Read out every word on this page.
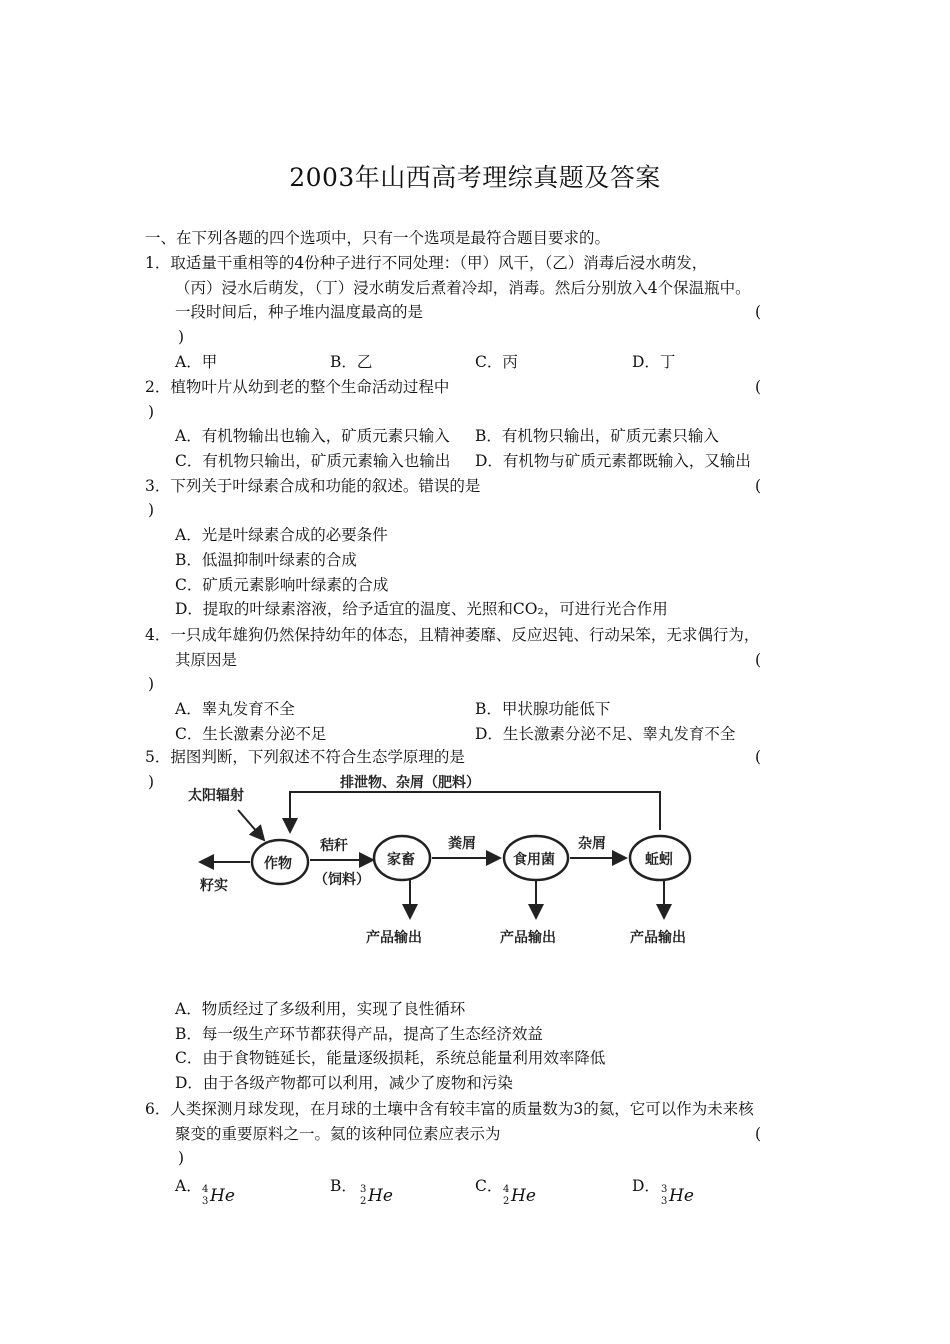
2003年山西高考理综真题及答案
一、在下列各题的四个选项中，只有一个选项是最符合题目要求的。
1．取适量干重相等的4份种子进行不同处理：（甲）风干，（乙）消毒后浸水萌发，
（丙）浸水后萌发，（丁）浸水萌发后煮着冷却，消毒。然后分别放入4个保温瓶中。
一段时间后，种子堆内温度最高的是	(
)
A．甲	B．乙	C．丙	D．丁
2．植物叶片从幼到老的整个生命活动过程中	(
)
A．有机物输出也输入，矿质元素只输入 B．有机物只输出，矿质元素只输入
C．有机物只输出，矿质元素输入也输出 D．有机物与矿质元素都既输入，又输出
3．下列关于叶绿素合成和功能的叙述。错误的是	(
)
A．光是叶绿素合成的必要条件
B．低温抑制叶绿素的合成
C．矿质元素影响叶绿素的合成
D．提取的叶绿素溶液，给予适宜的温度、光照和CO₂，可进行光合作用
4．一只成年雄狗仍然保持幼年的体态，且精神萎靡、反应迟钝、行动呆笨，无求偶行为，
其原因是	(
)
A．睾丸发育不全	B．甲状腺功能低下
C．生长激素分泌不足	D．生长激素分泌不足、睾丸发育不全
5．据图判断，下列叙述不符合生态学原理的是	(
)	排泄物、杂屑（肥料）
太阳辐射
作物
籽实
秸秆
（饲料）
家畜
粪屑
食用菌
杂屑
蚯蚓
产品输出	产品输出	产品输出
A．物质经过了多级利用，实现了良性循环
B．每一级生产环节都获得产品，提高了生态经济效益
C．由于食物链延长，能量逐级损耗，系统总能量利用效率降低
D．由于各级产物都可以利用，减少了废物和污染
6．人类探测月球发现，在月球的土壤中含有较丰富的质量数为3的氦，它可以作为未来核
聚变的重要原料之一。氦的该种同位素应表示为	(
)
A． 4
3 He	B． 3
2 He	C． 4
2 He	D． 3
3 He
